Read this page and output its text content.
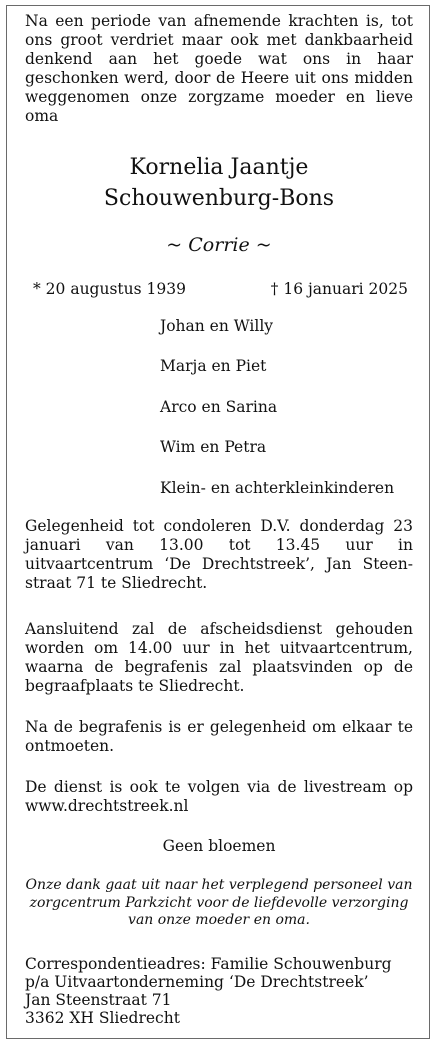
Na een periode van afnemende krachten is, tot ons groot verdriet maar ook met dankbaarheid denkend aan het goede wat ons in haar geschonken werd, door de Heere uit ons midden weggenomen onze zorgzame moeder en lieve oma

Kornelia Jaantje
Schouwenburg-Bons
~ Corrie ~
* 20 augustus 1939	† 16 januari 2025
Johan en Willy
Marja en Piet
Arco en Sarina
Wim en Petra
Klein- en achterkleinkinderen

Gelegenheid tot condoleren D.V. donderdag 23 januari van 13.00 tot 13.45 uur in uitvaartcentrum ‘De Drechtstreek’, Jan Steen-straat 71 te Sliedrecht.

Aansluitend zal de afscheidsdienst gehouden worden om 14.00 uur in het uitvaartcentrum, waarna de begrafenis zal plaatsvinden op de begraafplaats te Sliedrecht.

Na de begrafenis is er gelegenheid om elkaar te ontmoeten.

De dienst is ook te volgen via de livestream op www.drechtstreek.nl

Geen bloemen

Onze dank gaat uit naar het verplegend personeel van zorgcentrum Parkzicht voor de liefdevolle verzorging van onze moeder en oma.

Correspondentieadres: Familie Schouwenburg
p/a Uitvaartonderneming ‘De Drechtstreek’
Jan Steenstraat 71
3362 XH Sliedrecht
